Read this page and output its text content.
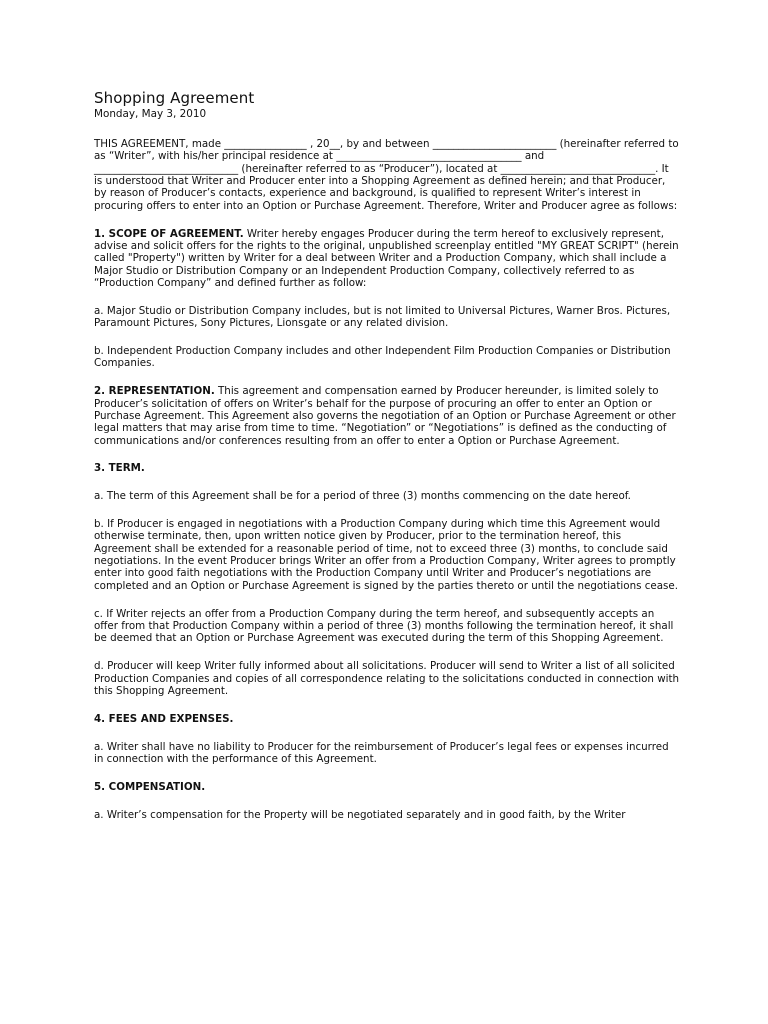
Shopping Agreement
Monday, May 3, 2010

THIS AGREEMENT, made ________________ , 20__, by and between ________________________ (hereinafter referred to as “Writer”, with his/her principal residence at ____________________________________ and ____________________________ (hereinafter referred to as “Producer”), located at ______________________________. It is understood that Writer and Producer enter into a Shopping Agreement as defined herein; and that Producer, by reason of Producer’s contacts, experience and background, is qualified to represent Writer’s interest in procuring offers to enter into an Option or Purchase Agreement. Therefore, Writer and Producer agree as follows:

1. SCOPE OF AGREEMENT. Writer hereby engages Producer during the term hereof to exclusively represent, advise and solicit offers for the rights to the original, unpublished screenplay entitled "MY GREAT SCRIPT" (herein called "Property") written by Writer for a deal between Writer and a Production Company, which shall include a Major Studio or Distribution Company or an Independent Production Company, collectively referred to as “Production Company” and defined further as follow:

a. Major Studio or Distribution Company includes, but is not limited to Universal Pictures, Warner Bros. Pictures, Paramount Pictures, Sony Pictures, Lionsgate or any related division.

b. Independent Production Company includes and other Independent Film Production Companies or Distribution Companies.

2. REPRESENTATION. This agreement and compensation earned by Producer hereunder, is limited solely to Producer’s solicitation of offers on Writer’s behalf for the purpose of procuring an offer to enter an Option or Purchase Agreement. This Agreement also governs the negotiation of an Option or Purchase Agreement or other legal matters that may arise from time to time. “Negotiation” or “Negotiations” is defined as the conducting of communications and/or conferences resulting from an offer to enter a Option or Purchase Agreement.

3. TERM.

a. The term of this Agreement shall be for a period of three (3) months commencing on the date hereof.

b. If Producer is engaged in negotiations with a Production Company during which time this Agreement would otherwise terminate, then, upon written notice given by Producer, prior to the termination hereof, this Agreement shall be extended for a reasonable period of time, not to exceed three (3) months, to conclude said negotiations. In the event Producer brings Writer an offer from a Production Company, Writer agrees to promptly enter into good faith negotiations with the Production Company until Writer and Producer’s negotiations are completed and an Option or Purchase Agreement is signed by the parties thereto or until the negotiations cease.

c. If Writer rejects an offer from a Production Company during the term hereof, and subsequently accepts an offer from that Production Company within a period of three (3) months following the termination hereof, it shall be deemed that an Option or Purchase Agreement was executed during the term of this Shopping Agreement.

d. Producer will keep Writer fully informed about all solicitations. Producer will send to Writer a list of all solicited Production Companies and copies of all correspondence relating to the solicitations conducted in connection with this Shopping Agreement.

4. FEES AND EXPENSES.

a. Writer shall have no liability to Producer for the reimbursement of Producer’s legal fees or expenses incurred in connection with the performance of this Agreement.

5. COMPENSATION.

a. Writer’s compensation for the Property will be negotiated separately and in good faith, by the Writer
